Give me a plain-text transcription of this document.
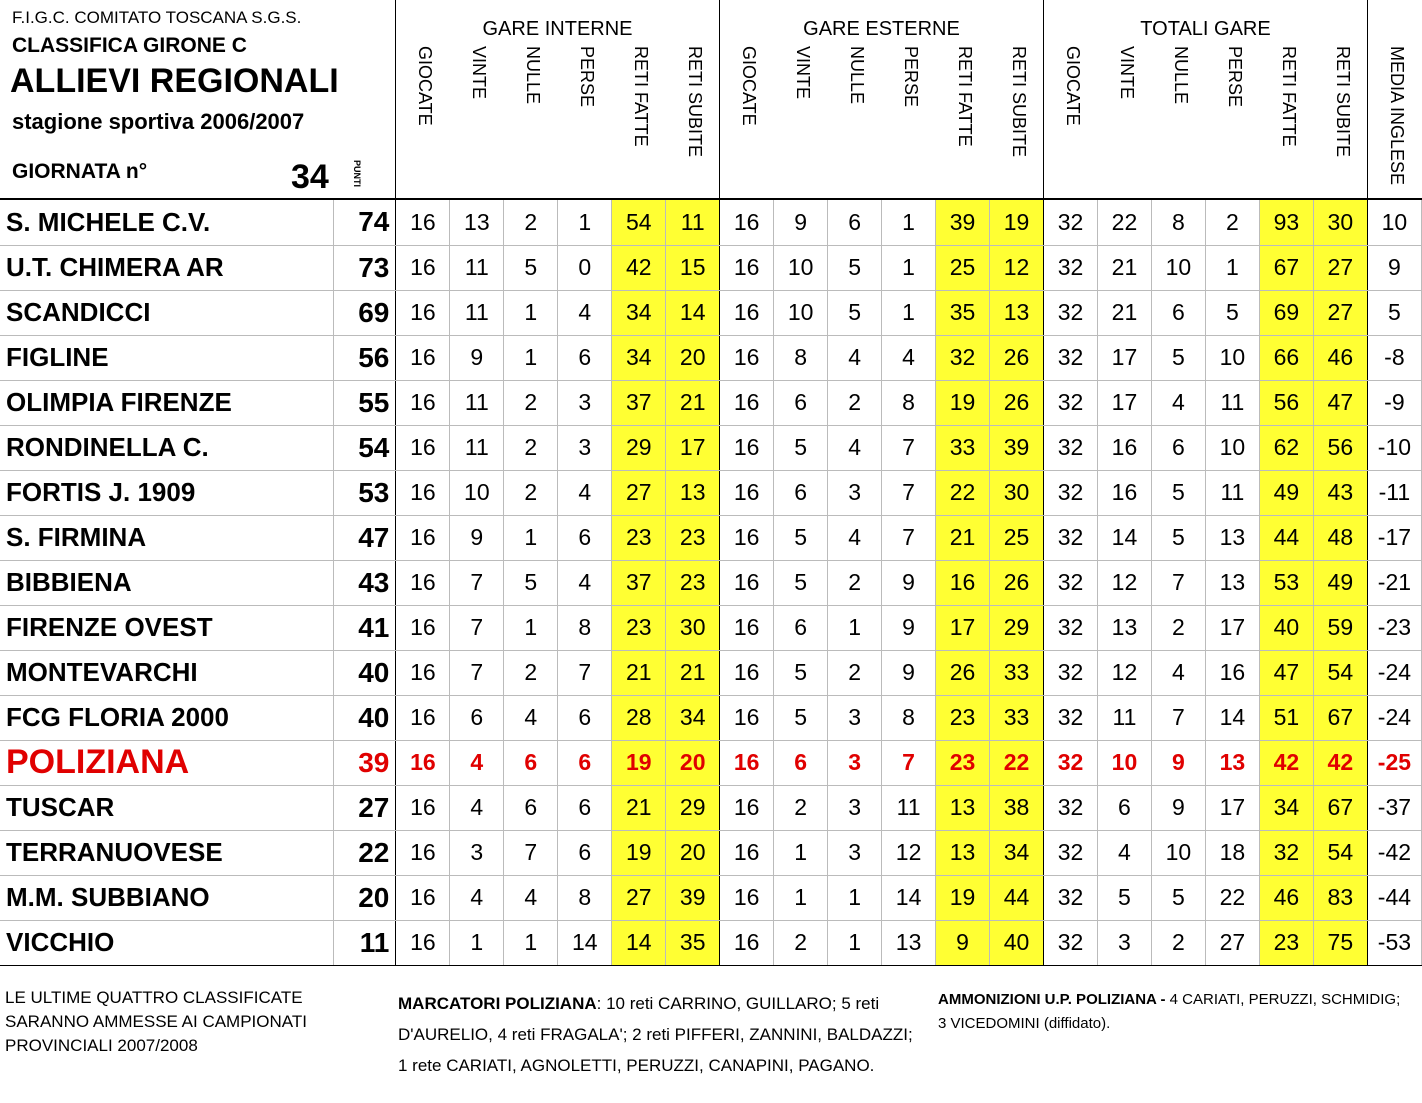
F.I.G.C. COMITATO TOSCANA S.G.S.
CLASSIFICA GIRONE C
ALLIEVI REGIONALI
stagione sportiva 2006/2007
GIORNATA n°	34	PUNTI
GARE INTERNE
GIOCATE VINTE NULLE PERSE RETI FATTE RETI SUBITE
GARE ESTERNE
GIOCATE VINTE NULLE PERSE RETI FATTE RETI SUBITE
TOTALI GARE
GIOCATE VINTE NULLE PERSE RETI FATTE RETI SUBITE MEDIA INGLESE
S. MICHELE C.V.	74	16	13	2	1	54	11	16	9	6	1	39	19	32	22	8	2	93	30	10
U.T. CHIMERA AR	73	16	11	5	0	42	15	16	10	5	1	25	12	32	21	10	1	67	27	9
SCANDICCI	69	16	11	1	4	34	14	16	10	5	1	35	13	32	21	6	5	69	27	5
FIGLINE	56	16	9	1	6	34	20	16	8	4	4	32	26	32	17	5	10	66	46	-8
OLIMPIA FIRENZE	55	16	11	2	3	37	21	16	6	2	8	19	26	32	17	4	11	56	47	-9
RONDINELLA C.	54	16	11	2	3	29	17	16	5	4	7	33	39	32	16	6	10	62	56	-10
FORTIS J. 1909	53	16	10	2	4	27	13	16	6	3	7	22	30	32	16	5	11	49	43	-11
S. FIRMINA	47	16	9	1	6	23	23	16	5	4	7	21	25	32	14	5	13	44	48	-17
BIBBIENA	43	16	7	5	4	37	23	16	5	2	9	16	26	32	12	7	13	53	49	-21
FIRENZE OVEST	41	16	7	1	8	23	30	16	6	1	9	17	29	32	13	2	17	40	59	-23
MONTEVARCHI	40	16	7	2	7	21	21	16	5	2	9	26	33	32	12	4	16	47	54	-24
FCG FLORIA 2000	40	16	6	4	6	28	34	16	5	3	8	23	33	32	11	7	14	51	67	-24
POLIZIANA	39	16	4	6	6	19	20	16	6	3	7	23	22	32	10	9	13	42	42	-25
TUSCAR	27	16	4	6	6	21	29	16	2	3	11	13	38	32	6	9	17	34	67	-37
TERRANUOVESE	22	16	3	7	6	19	20	16	1	3	12	13	34	32	4	10	18	32	54	-42
M.M. SUBBIANO	20	16	4	4	8	27	39	16	1	1	14	19	44	32	5	5	22	46	83	-44
VICCHIO	11	16	1	1	14	14	35	16	2	1	13	9	40	32	3	2	27	23	75	-53
LE ULTIME QUATTRO CLASSIFICATE SARANNO AMMESSE AI CAMPIONATI PROVINCIALI 2007/2008
MARCATORI POLIZIANA: 10 reti CARRINO, GUILLARO; 5 reti D'AURELIO, 4 reti FRAGALA'; 2 reti PIFFERI, ZANNINI, BALDAZZI; 1 rete CARIATI, AGNOLETTI, PERUZZI, CANAPINI, PAGANO.
AMMONIZIONI U.P. POLIZIANA - 4 CARIATI, PERUZZI, SCHMIDIG; 3 VICEDOMINI (diffidato).
